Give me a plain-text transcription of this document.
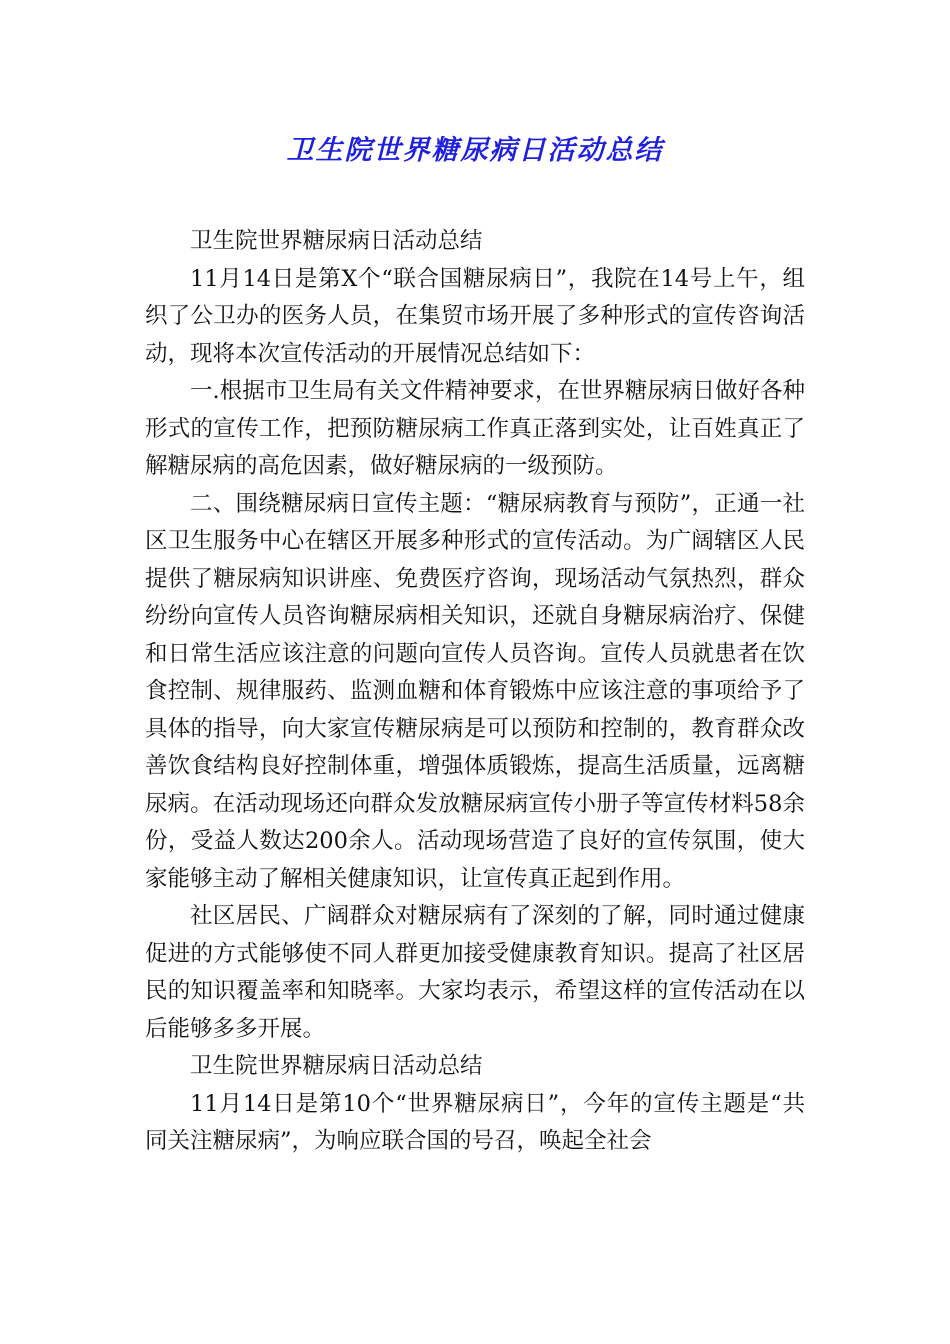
卫生院世界糖尿病日活动总结

卫生院世界糖尿病日活动总结

11月14日是第X个“联合国糖尿病日”，我院在14号上午，组织了公卫办的医务人员，在集贸市场开展了多种形式的宣传咨询活动，现将本次宣传活动的开展情况总结如下：

一.根据市卫生局有关文件精神要求，在世界糖尿病日做好各种形式的宣传工作，把预防糖尿病工作真正落到实处，让百姓真正了解糖尿病的高危因素，做好糖尿病的一级预防。

二、围绕糖尿病日宣传主题：“糖尿病教育与预防”，正通一社区卫生服务中心在辖区开展多种形式的宣传活动。为广阔辖区人民提供了糖尿病知识讲座、免费医疗咨询，现场活动气氛热烈，群众纷纷向宣传人员咨询糖尿病相关知识，还就自身糖尿病治疗、保健和日常生活应该注意的问题向宣传人员咨询。宣传人员就患者在饮食控制、规律服药、监测血糖和体育锻炼中应该注意的事项给予了具体的指导，向大家宣传糖尿病是可以预防和控制的，教育群众改善饮食结构良好控制体重，增强体质锻炼，提高生活质量，远离糖尿病。在活动现场还向群众发放糖尿病宣传小册子等宣传材料58余份，受益人数达200余人。活动现场营造了良好的宣传氛围，使大家能够主动了解相关健康知识，让宣传真正起到作用。

社区居民、广阔群众对糖尿病有了深刻的了解，同时通过健康促进的方式能够使不同人群更加接受健康教育知识。提高了社区居民的知识覆盖率和知晓率。大家均表示，希望这样的宣传活动在以后能够多多开展。

卫生院世界糖尿病日活动总结

11月14日是第10个“世界糖尿病日”，今年的宣传主题是“共同关注糖尿病”，为响应联合国的号召，唤起全社会
